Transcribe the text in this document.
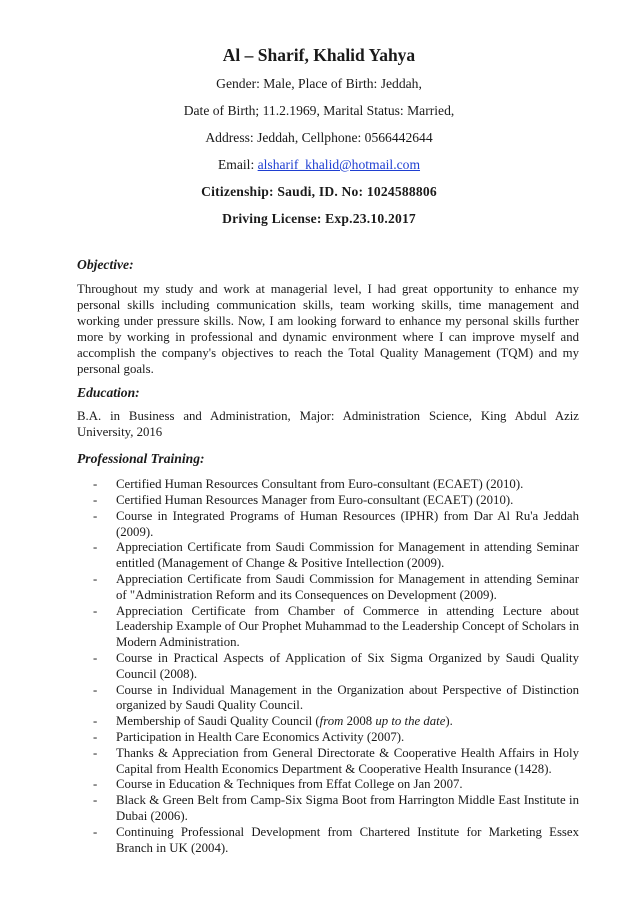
Al – Sharif, Khalid Yahya

Gender: Male, Place of Birth: Jeddah,

Date of Birth; 11.2.1969, Marital Status: Married,

Address: Jeddah, Cellphone: 0566442644

Email: alsharif_khalid@hotmail.com

Citizenship: Saudi, ID. No: 1024588806

Driving License: Exp.23.10.2017

Objective:

Throughout my study and work at managerial level, I had great opportunity to enhance my personal skills including communication skills, team working skills, time management and working under pressure skills. Now, I am looking forward to enhance my personal skills further more by working in professional and dynamic environment where I can improve myself and accomplish the company's objectives to reach the Total Quality Management (TQM) and my personal goals.

Education:

B.A. in Business and Administration, Major: Administration Science, King Abdul Aziz University, 2016

Professional Training:

- Certified Human Resources Consultant from Euro-consultant (ECAET) (2010).
- Certified Human Resources Manager from Euro-consultant (ECAET) (2010).
- Course in Integrated Programs of Human Resources (IPHR) from Dar Al Ru'a Jeddah (2009).
- Appreciation Certificate from Saudi Commission for Management in attending Seminar entitled (Management of Change & Positive Intellection (2009).
- Appreciation Certificate from Saudi Commission for Management in attending Seminar of "Administration Reform and its Consequences on Development (2009).
- Appreciation Certificate from Chamber of Commerce in attending Lecture about Leadership Example of Our Prophet Muhammad to the Leadership Concept of Scholars in Modern Administration.
- Course in Practical Aspects of Application of Six Sigma Organized by Saudi Quality Council (2008).
- Course in Individual Management in the Organization about Perspective of Distinction organized by Saudi Quality Council.
- Membership of Saudi Quality Council (from 2008 up to the date).
- Participation in Health Care Economics Activity (2007).
- Thanks & Appreciation from General Directorate & Cooperative Health Affairs in Holy Capital from Health Economics Department & Cooperative Health Insurance (1428).
- Course in Education & Techniques from Effat College on Jan 2007.
- Black & Green Belt from Camp-Six Sigma Boot from Harrington Middle East Institute in Dubai (2006).
- Continuing Professional Development from Chartered Institute for Marketing Essex Branch in UK (2004).
